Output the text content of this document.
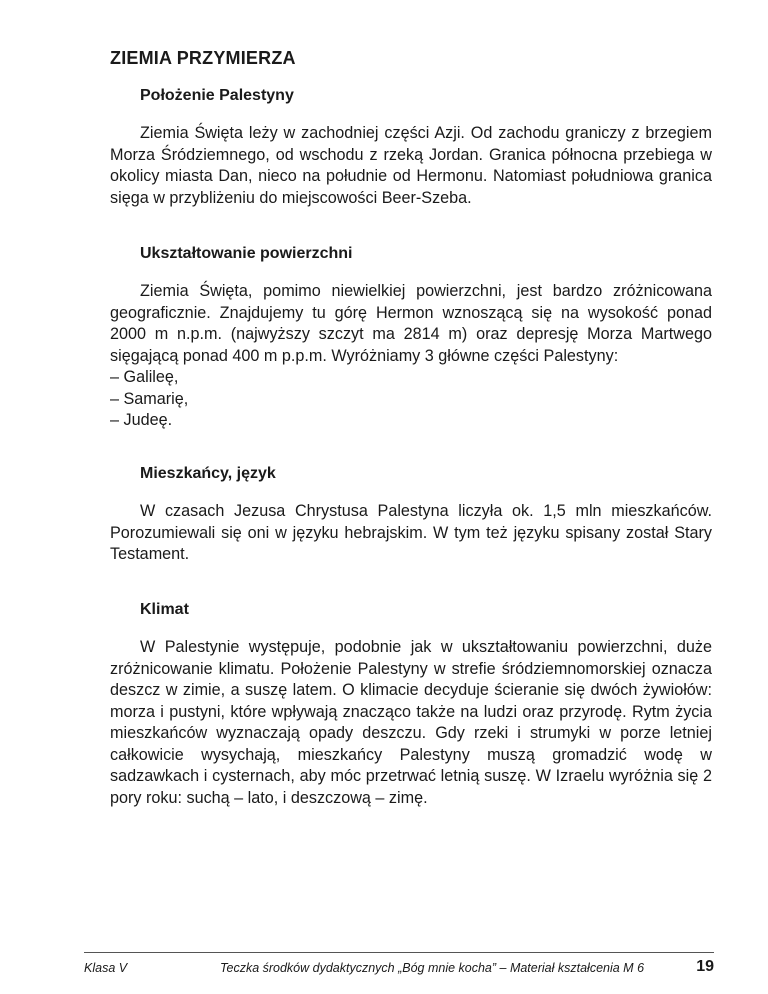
ZIEMIA PRZYMIERZA
Położenie Palestyny

Ziemia Święta leży w zachodniej części Azji. Od zachodu graniczy z brzegiem Morza Śródziemnego, od wschodu z rzeką Jordan. Granica północna przebiega w okolicy miasta Dan, nieco na południe od Hermonu. Natomiast południowa granica sięga w przybliżeniu do miejscowości Beer-Szeba.

Ukształtowanie powierzchni

Ziemia Święta, pomimo niewielkiej powierzchni, jest bardzo zróżnicowana geograficznie. Znajdujemy tu górę Hermon wznoszącą się na wysokość ponad 2000 m n.p.m. (najwyższy szczyt ma 2814 m) oraz depresję Morza Martwego sięgającą ponad 400 m p.p.m. Wyróżniamy 3 główne części Palestyny:

– Galileę,
– Samarię,
– Judeę.
Mieszkańcy, język

W czasach Jezusa Chrystusa Palestyna liczyła ok. 1,5 mln mieszkańców. Porozumiewali się oni w języku hebrajskim. W tym też języku spisany został Stary Testament.

Klimat

W Palestynie występuje, podobnie jak w ukształtowaniu powierzchni, duże zróżnicowanie klimatu. Położenie Palestyny w strefie śródziemnomorskiej oznacza deszcz w zimie, a suszę latem. O klimacie decyduje ścieranie się dwóch żywiołów: morza i pustyni, które wpływają znacząco także na ludzi oraz przyrodę. Rytm życia mieszkańców wyznaczają opady deszczu. Gdy rzeki i strumyki w porze letniej całkowicie wysychają, mieszkańcy Palestyny muszą gromadzić wodę w sadzawkach i cysternach, aby móc przetrwać letnią suszę. W Izraelu wyróżnia się 2 pory roku: suchą – lato, i deszczową – zimę.

Klasa V	Teczka środków dydaktycznych „Bóg mnie kocha” – Materiał kształcenia M 6	19
